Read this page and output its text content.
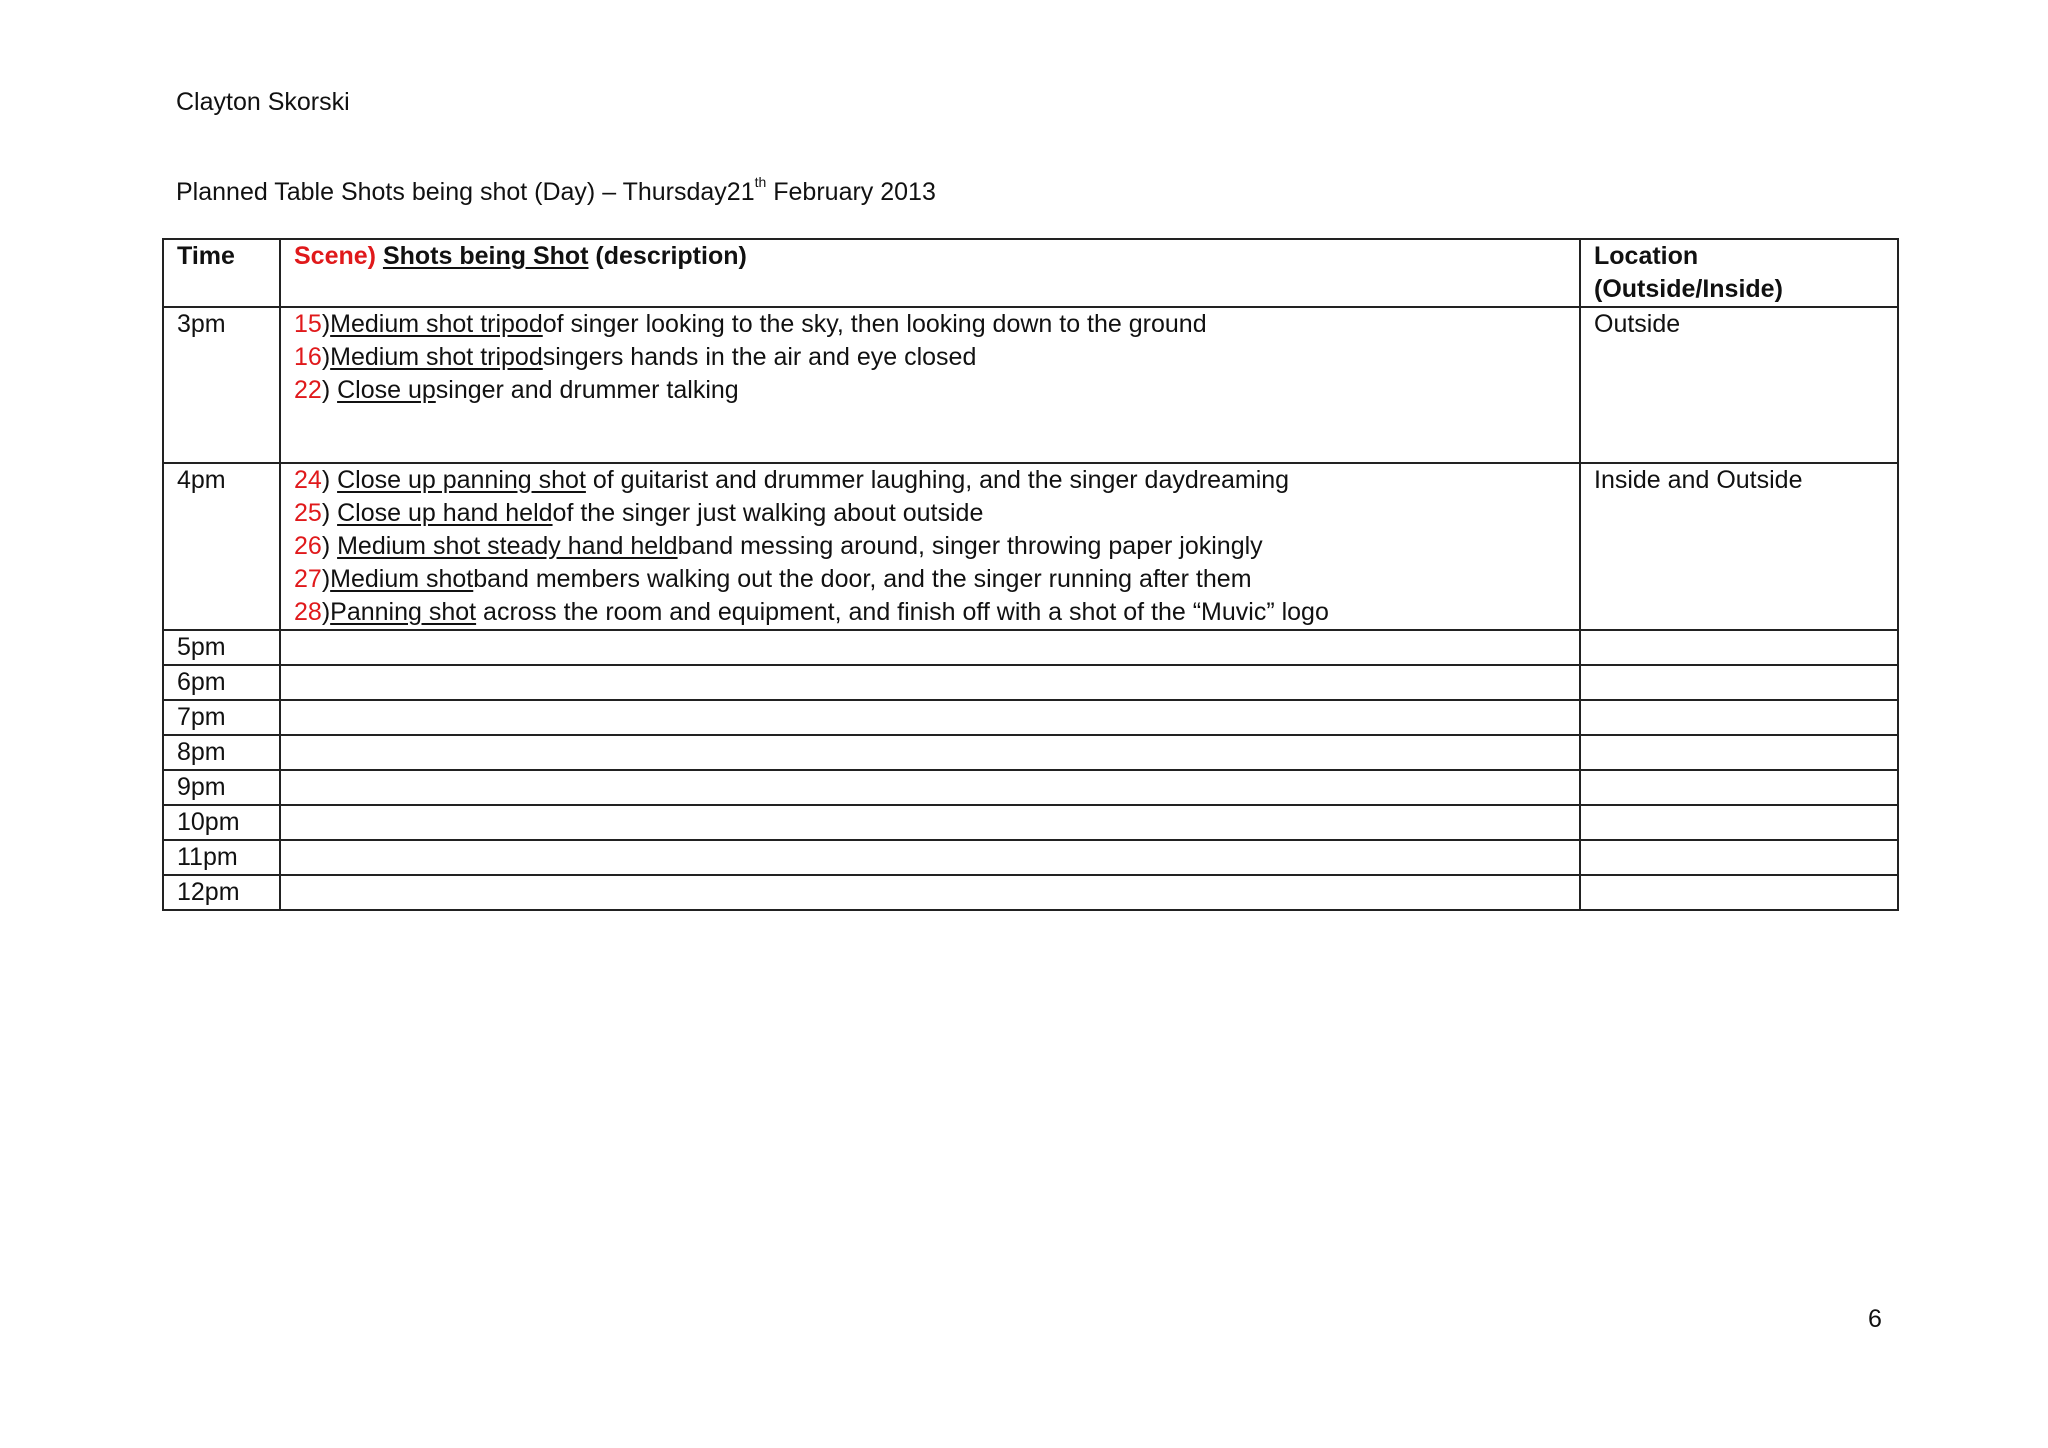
Clayton Skorski
Planned Table Shots being shot (Day) – Thursday21th February 2013
Time	Scene) Shots being Shot (description)	Location (Outside/Inside)
3pm	15)Medium shot tripodof singer looking to the sky, then looking down to the ground
16)Medium shot tripodsingers hands in the air and eye closed
22) Close upsinger and drummer talking	Outside
4pm	24) Close up panning shot of guitarist and drummer laughing, and the singer daydreaming
25) Close up hand heldof the singer just walking about outside
26) Medium shot steady hand heldband messing around, singer throwing paper jokingly
27)Medium shotband members walking out the door, and the singer running after them
28)Panning shot across the room and equipment, and finish off with a shot of the “Muvic” logo	Inside and Outside
5pm		
6pm		
7pm		
8pm		
9pm		
10pm		
11pm		
12pm		
6
